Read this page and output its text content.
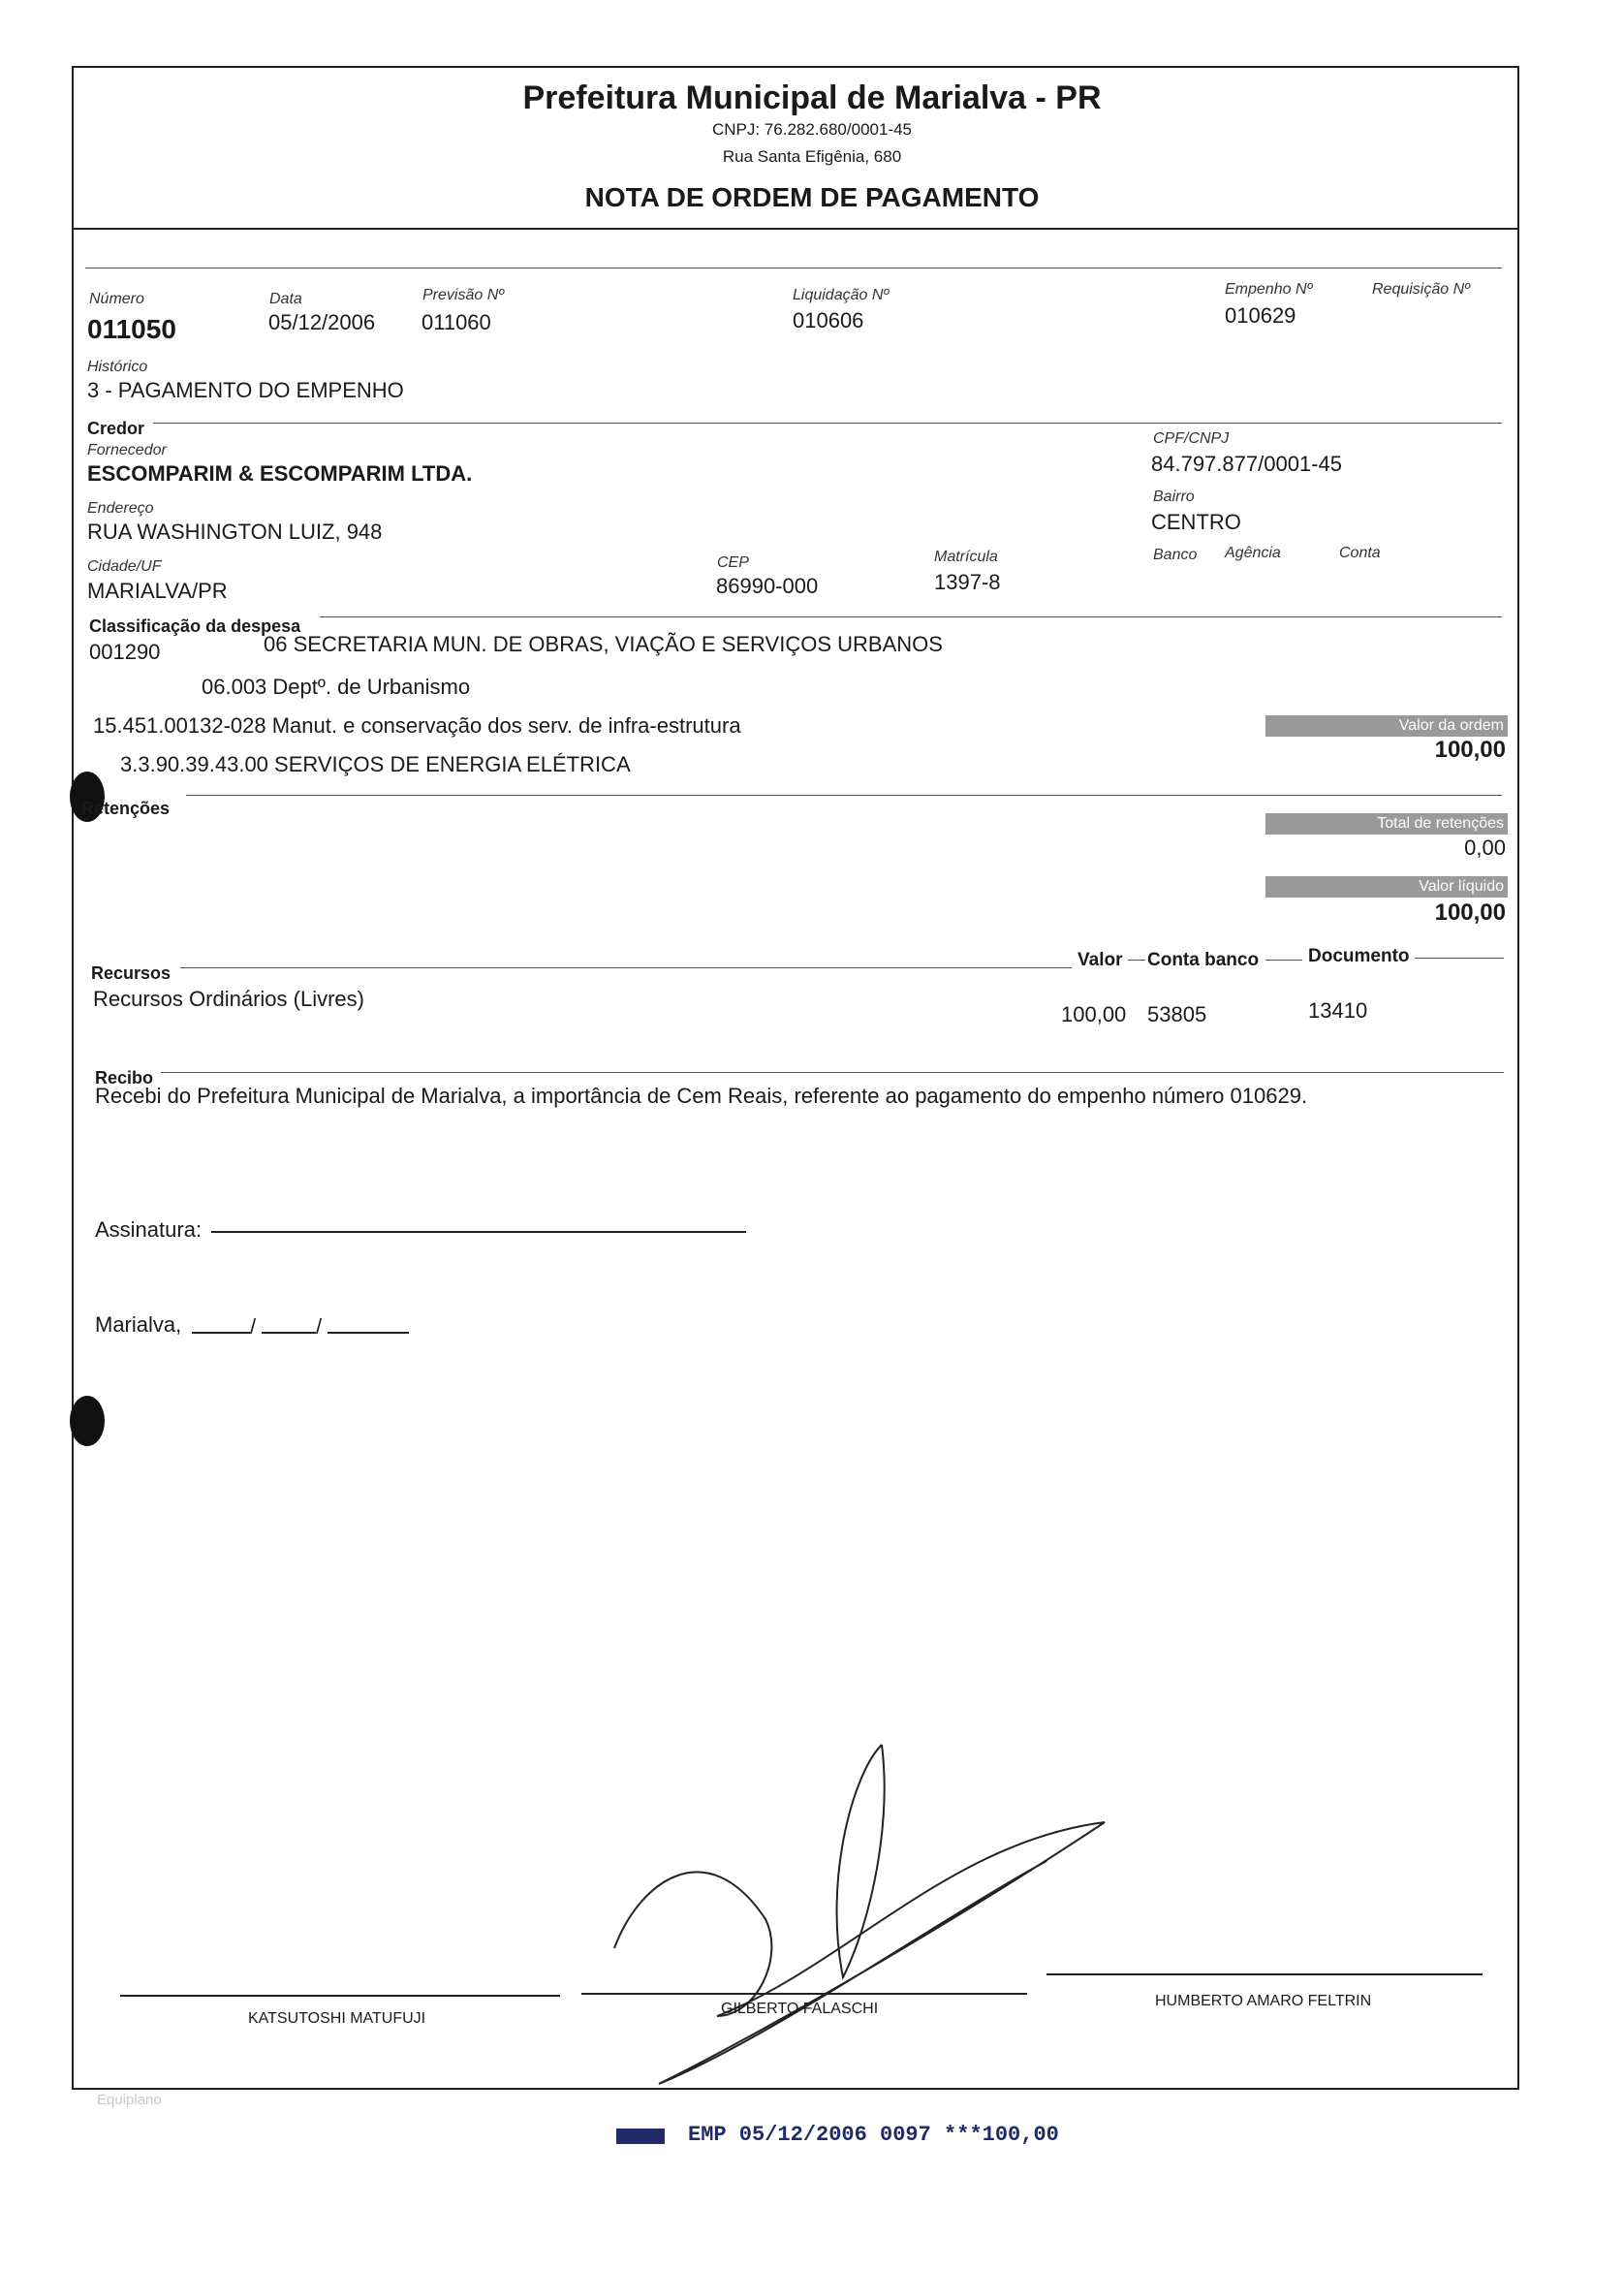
Prefeitura Municipal de Marialva - PR
CNPJ: 76.282.680/0001-45
Rua Santa Efigênia, 680
NOTA DE ORDEM DE PAGAMENTO
Número
011050
Data
05/12/2006
Previsão Nº
011060
Liquidação Nº
010606
Empenho Nº
010629
Requisição Nº
Histórico
3 - PAGAMENTO DO EMPENHO
Credor
Fornecedor
ESCOMPARIM & ESCOMPARIM LTDA.
CPF/CNPJ
84.797.877/0001-45
Endereço
RUA WASHINGTON LUIZ, 948
Bairro
CENTRO
Cidade/UF
MARIALVA/PR
CEP
86990-000
Matrícula
1397-8
Banco Agência	Conta
Classificação da despesa
001290	06 SECRETARIA MUN. DE OBRAS, VIAÇÃO E SERVIÇOS URBANOS
06.003 Deptº. de Urbanismo
15.451.00132-028 Manut. e conservação dos serv. de infra-estrutura
3.3.90.39.43.00 SERVIÇOS DE ENERGIA ELÉTRICA
Valor da ordem
100,00
Retenções
Total de retenções
0,00
Valor líquido
100,00
Recursos
Valor Conta banco	Documento
Recursos Ordinários (Livres)
100,00 53805	13410
Recibo
Recebi do Prefeitura Municipal de Marialva, a importância de Cem Reais, referente ao pagamento do empenho número 010629.
Assinatura:
Marialva,	/	/
KATSUTOSHI MATUFUJI
GILBERTO FALASCHI	HUMBERTO AMARO FELTRIN
Equiplano
EMP 05/12/2006 0097 ***100,00
